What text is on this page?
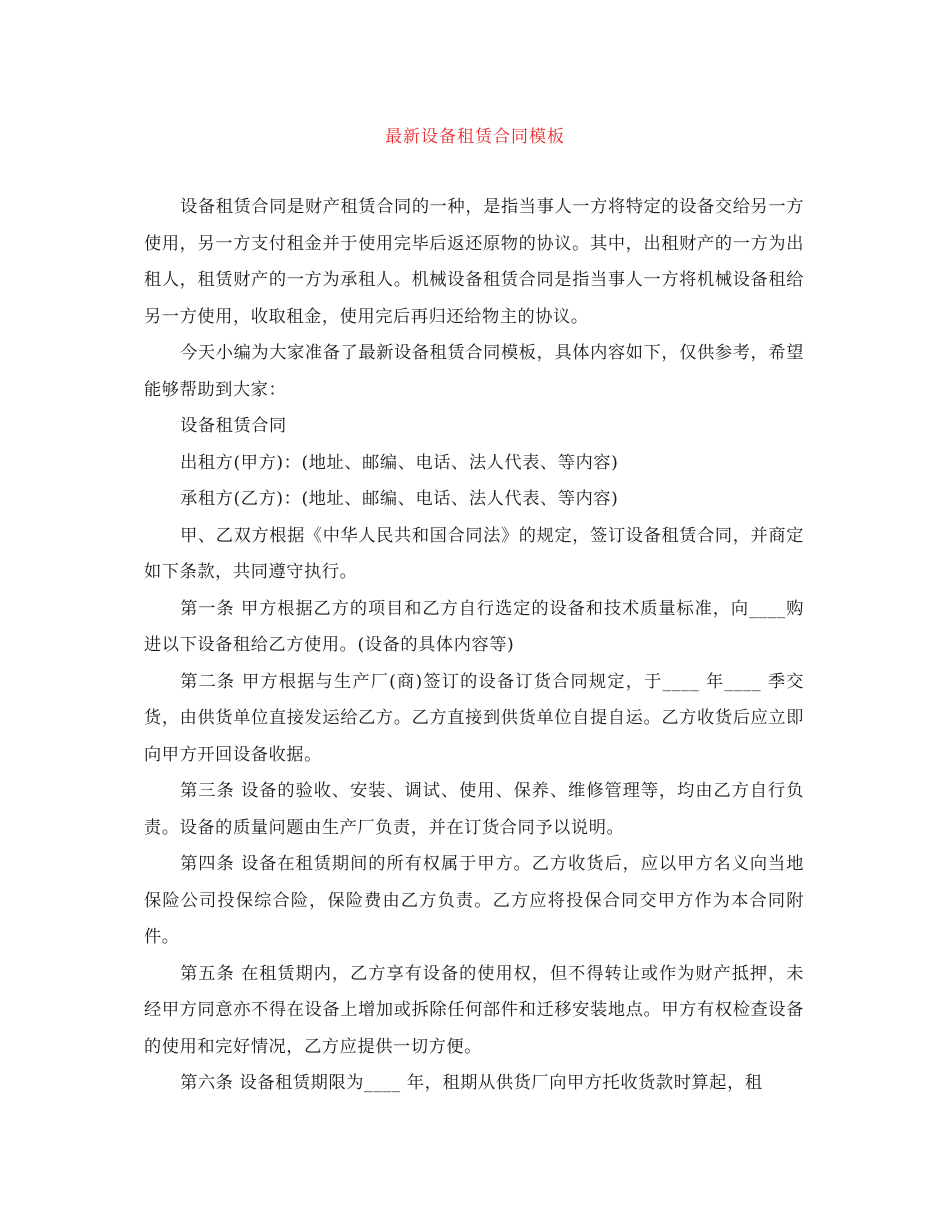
最新设备租赁合同模板

设备租赁合同是财产租赁合同的一种，是指当事人一方将特定的设备交给另一方使用，另一方支付租金并于使用完毕后返还原物的协议。其中，出租财产的一方为出租人，租赁财产的一方为承租人。机械设备租赁合同是指当事人一方将机械设备租给另一方使用，收取租金，使用完后再归还给物主的协议。

今天小编为大家准备了最新设备租赁合同模板，具体内容如下，仅供参考，希望能够帮助到大家：

设备租赁合同

出租方(甲方)：(地址、邮编、电话、法人代表、等内容)

承租方(乙方)：(地址、邮编、电话、法人代表、等内容)

甲、乙双方根据《中华人民共和国合同法》的规定，签订设备租赁合同，并商定如下条款，共同遵守执行。

第一条 甲方根据乙方的项目和乙方自行选定的设备和技术质量标准，向____购进以下设备租给乙方使用。(设备的具体内容等)

第二条 甲方根据与生产厂(商)签订的设备订货合同规定，于____ 年____ 季交货，由供货单位直接发运给乙方。乙方直接到供货单位自提自运。乙方收货后应立即向甲方开回设备收据。

第三条 设备的验收、安装、调试、使用、保养、维修管理等，均由乙方自行负责。设备的质量问题由生产厂负责，并在订货合同予以说明。

第四条 设备在租赁期间的所有权属于甲方。乙方收货后，应以甲方名义向当地保险公司投保综合险，保险费由乙方负责。乙方应将投保合同交甲方作为本合同附件。

第五条 在租赁期内，乙方享有设备的使用权，但不得转让或作为财产抵押，未经甲方同意亦不得在设备上增加或拆除任何部件和迁移安装地点。甲方有权检查设备的使用和完好情况，乙方应提供一切方便。

第六条 设备租赁期限为____ 年，租期从供货厂向甲方托收货款时算起，租
